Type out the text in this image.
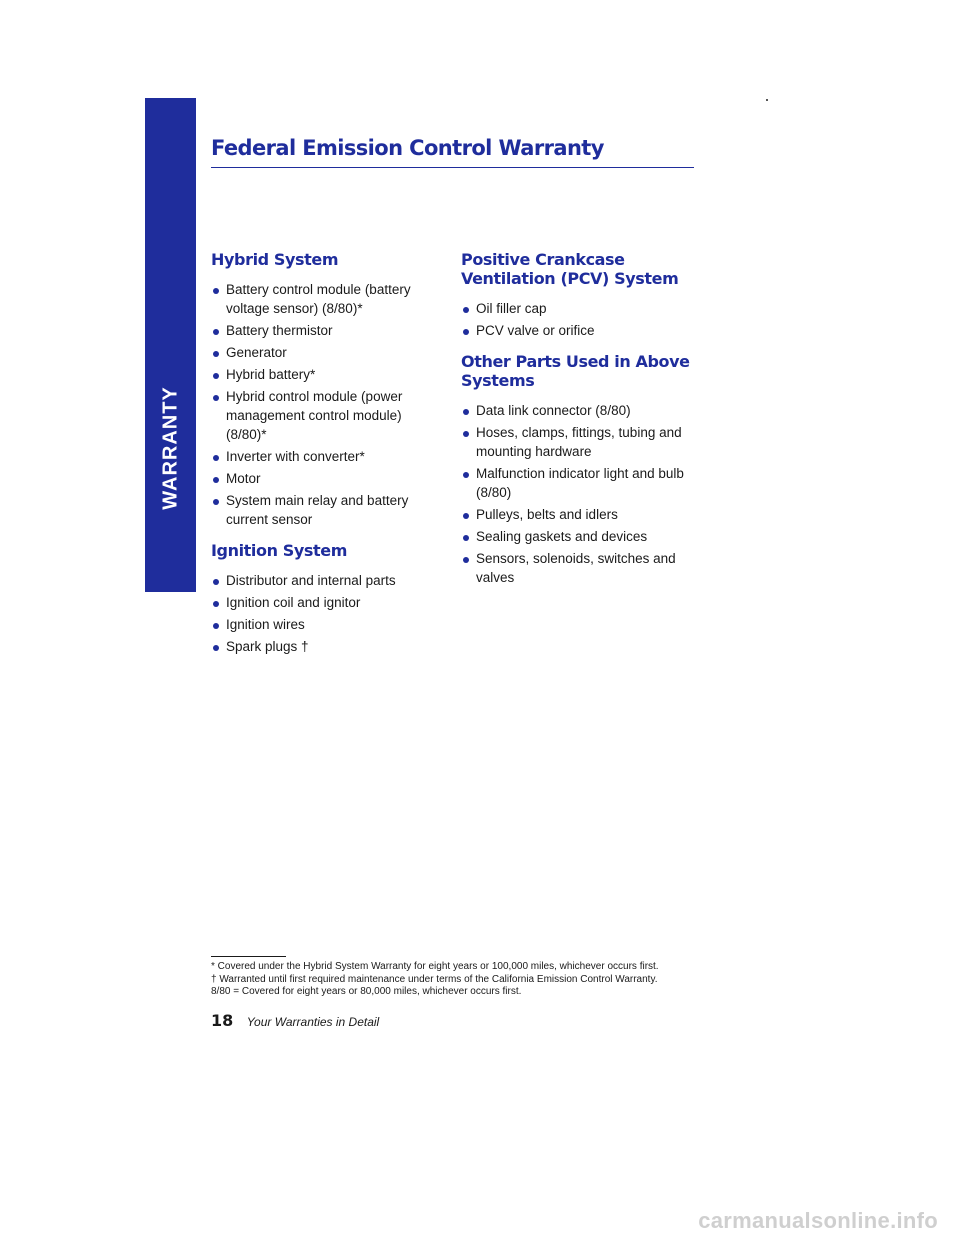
WARRANTY
Federal Emission Control Warranty
Hybrid System
Battery control module (battery voltage sensor) (8/80)*
Battery thermistor
Generator
Hybrid battery*
Hybrid control module (power management control module) (8/80)*
Inverter with converter*
Motor
System main relay and battery current sensor
Ignition System
Distributor and internal parts
Ignition coil and ignitor
Ignition wires
Spark plugs †
Positive Crankcase Ventilation (PCV) System
Oil filler cap
PCV valve or orifice
Other Parts Used in Above Systems
Data link connector (8/80)
Hoses, clamps, fittings, tubing and mounting hardware
Malfunction indicator light and bulb (8/80)
Pulleys, belts and idlers
Sealing gaskets and devices
Sensors, solenoids, switches and valves

* Covered under the Hybrid System Warranty for eight years or 100,000 miles, whichever occurs first.

† Warranted until first required maintenance under terms of the California Emission Control Warranty.

8/80 = Covered for eight years or 80,000 miles, whichever occurs first.

18 Your Warranties in Detail
carmanualsonline.info
